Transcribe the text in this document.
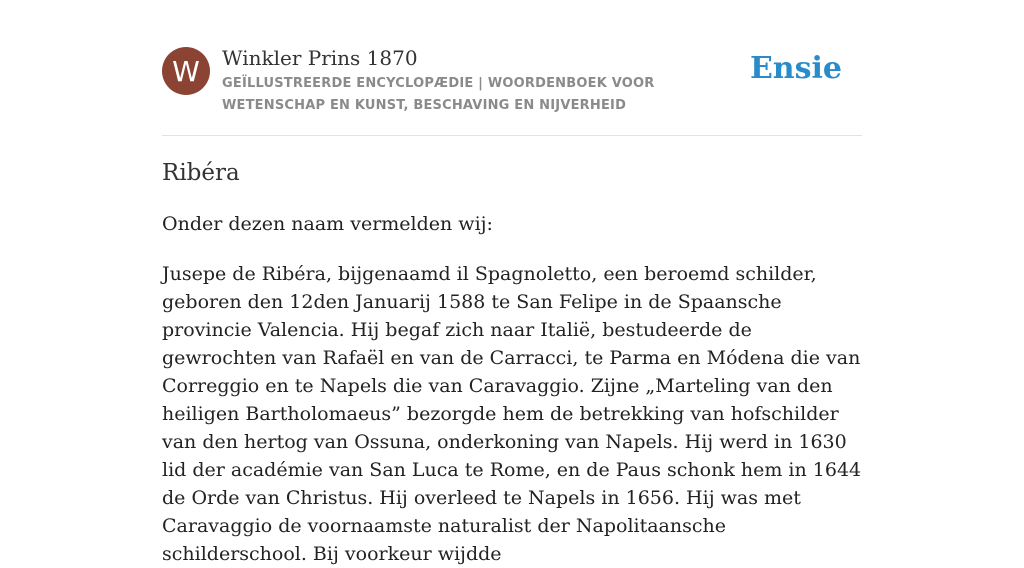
W	Winkler Prins 1870
GEÏLLUSTREERDE ENCYCLOPÆDIE | WOORDENBOEK VOOR WETENSCHAP EN KUNST, BESCHAVING EN NIJVERHEID
Ensie
Ribéra
Onder dezen naam vermelden wij:

Jusepe de Ribéra, bijgenaamd il Spagnoletto, een beroemd schilder, geboren den 12den Januarij 1588 te San Felipe in de Spaansche provincie Valencia. Hij begaf zich naar Italië, bestudeerde de gewrochten van Rafaël en van de Carracci, te Parma en Módena die van Correggio en te Napels die van Caravaggio. Zijne „Marteling van den heiligen Bartholomaeus” bezorgde hem de betrekking van hofschilder van den hertog van Ossuna, onderkoning van Napels. Hij werd in 1630 lid der académie van San Luca te Rome, en de Paus schonk hem in 1644 de Orde van Christus. Hij overleed te Napels in 1656. Hij was met Caravaggio de voornaamste naturalist der Napolitaansche schilderschool. Bij voorkeur wijdde
